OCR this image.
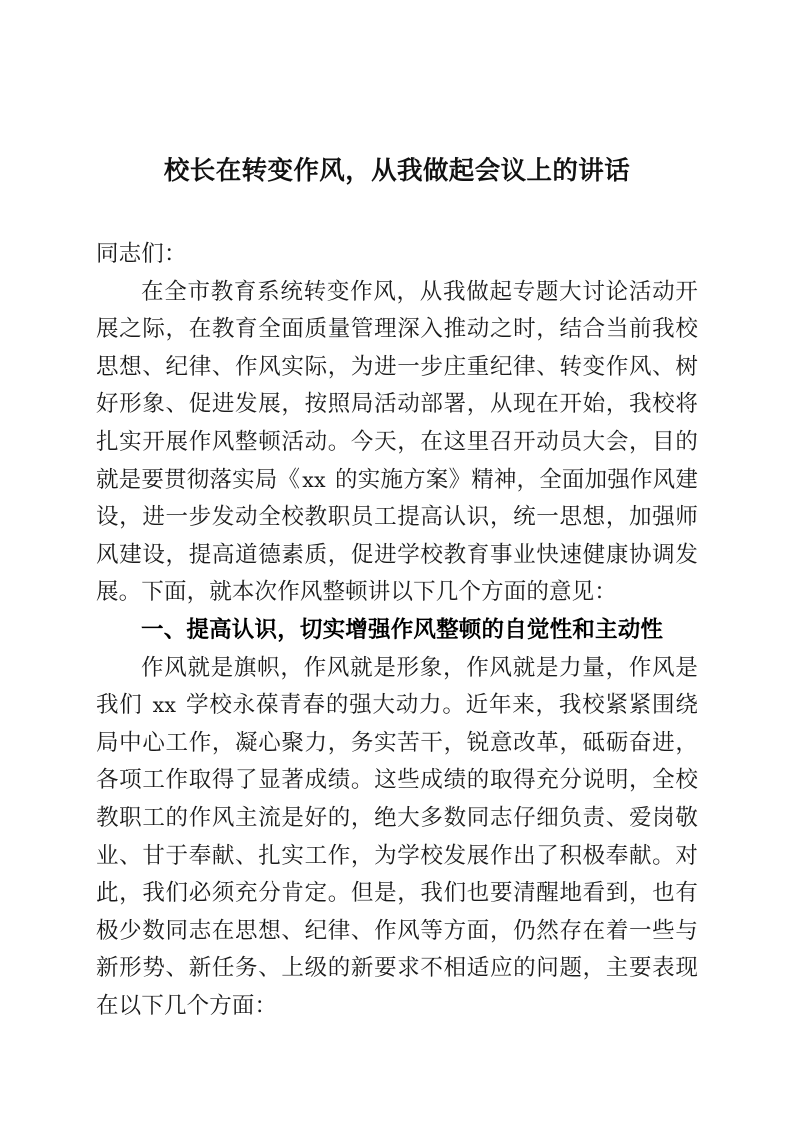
校长在转变作风，从我做起会议上的讲话

同志们：

在全市教育系统转变作风，从我做起专题大讨论活动开展之际，在教育全面质量管理深入推动之时，结合当前我校思想、纪律、作风实际，为进一步庄重纪律、转变作风、树好形象、促进发展，按照局活动部署，从现在开始，我校将扎实开展作风整顿活动。今天，在这里召开动员大会，目的就是要贯彻落实局《xx 的实施方案》精神，全面加强作风建设，进一步发动全校教职员工提高认识，统一思想，加强师风建设，提高道德素质，促进学校教育事业快速健康协调发展。下面，就本次作风整顿讲以下几个方面的意见：

一、提高认识，切实增强作风整顿的自觉性和主动性

作风就是旗帜，作风就是形象，作风就是力量，作风是我们 xx 学校永葆青春的强大动力。近年来，我校紧紧围绕局中心工作，凝心聚力，务实苦干，锐意改革，砥砺奋进，各项工作取得了显著成绩。这些成绩的取得充分说明，全校教职工的作风主流是好的，绝大多数同志仔细负责、爱岗敬业、甘于奉献、扎实工作，为学校发展作出了积极奉献。对此，我们必须充分肯定。但是，我们也要清醒地看到，也有极少数同志在思想、纪律、作风等方面，仍然存在着一些与新形势、新任务、上级的新要求不相适应的问题，主要表现在以下几个方面：
